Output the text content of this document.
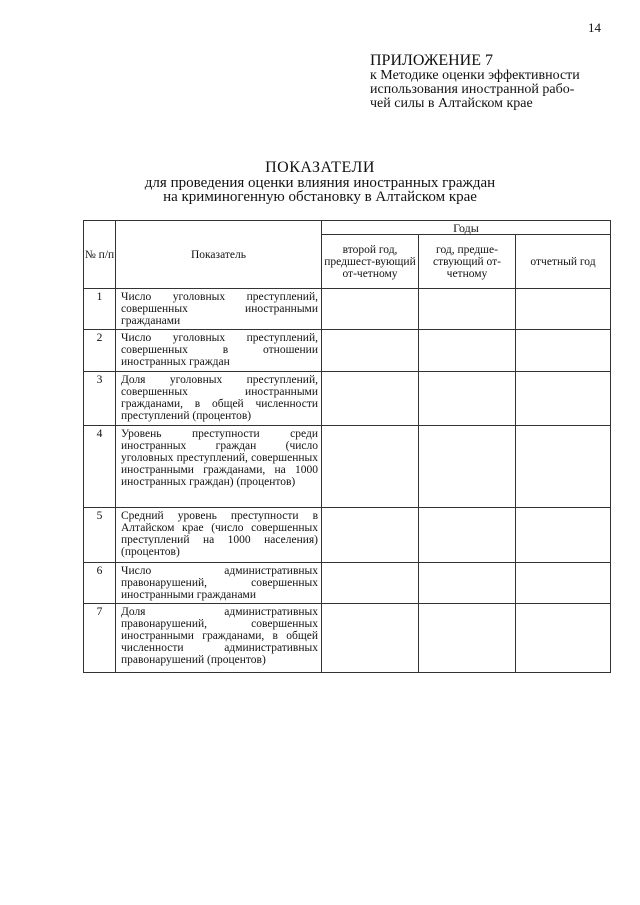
14
ПРИЛОЖЕНИЕ 7
к Методике оценки эффективности
использования иностранной рабо-
чей силы в Алтайском крае
ПОКАЗАТЕЛИ
для проведения оценки влияния иностранных граждан
на криминогенную обстановку в Алтайском крае
№ п/п	Показатель	Годы		
		второй год, предшест-вующий от-четному	год, предше-ствующий от-четному	отчетный год
1	Число уголовных преступлений, совершенных иностранными гражданами			
2	Число уголовных преступлений, совершенных в отношении иностранных граждан			
3	Доля уголовных преступлений, совершенных иностранными гражданами, в общей численности преступлений (процентов)			
4	Уровень преступности среди иностранных граждан (число уголовных преступлений, совершенных иностранными гражданами, на 1000 иностранных граждан) (процентов)			
5	Средний уровень преступности в Алтайском крае (число совершенных преступлений на 1000 населения) (процентов)			
6	Число административных правонарушений, совершенных иностранными гражданами			
7	Доля административных правонарушений, совершенных иностранными гражданами, в общей численности административных правонарушений (процентов)			
